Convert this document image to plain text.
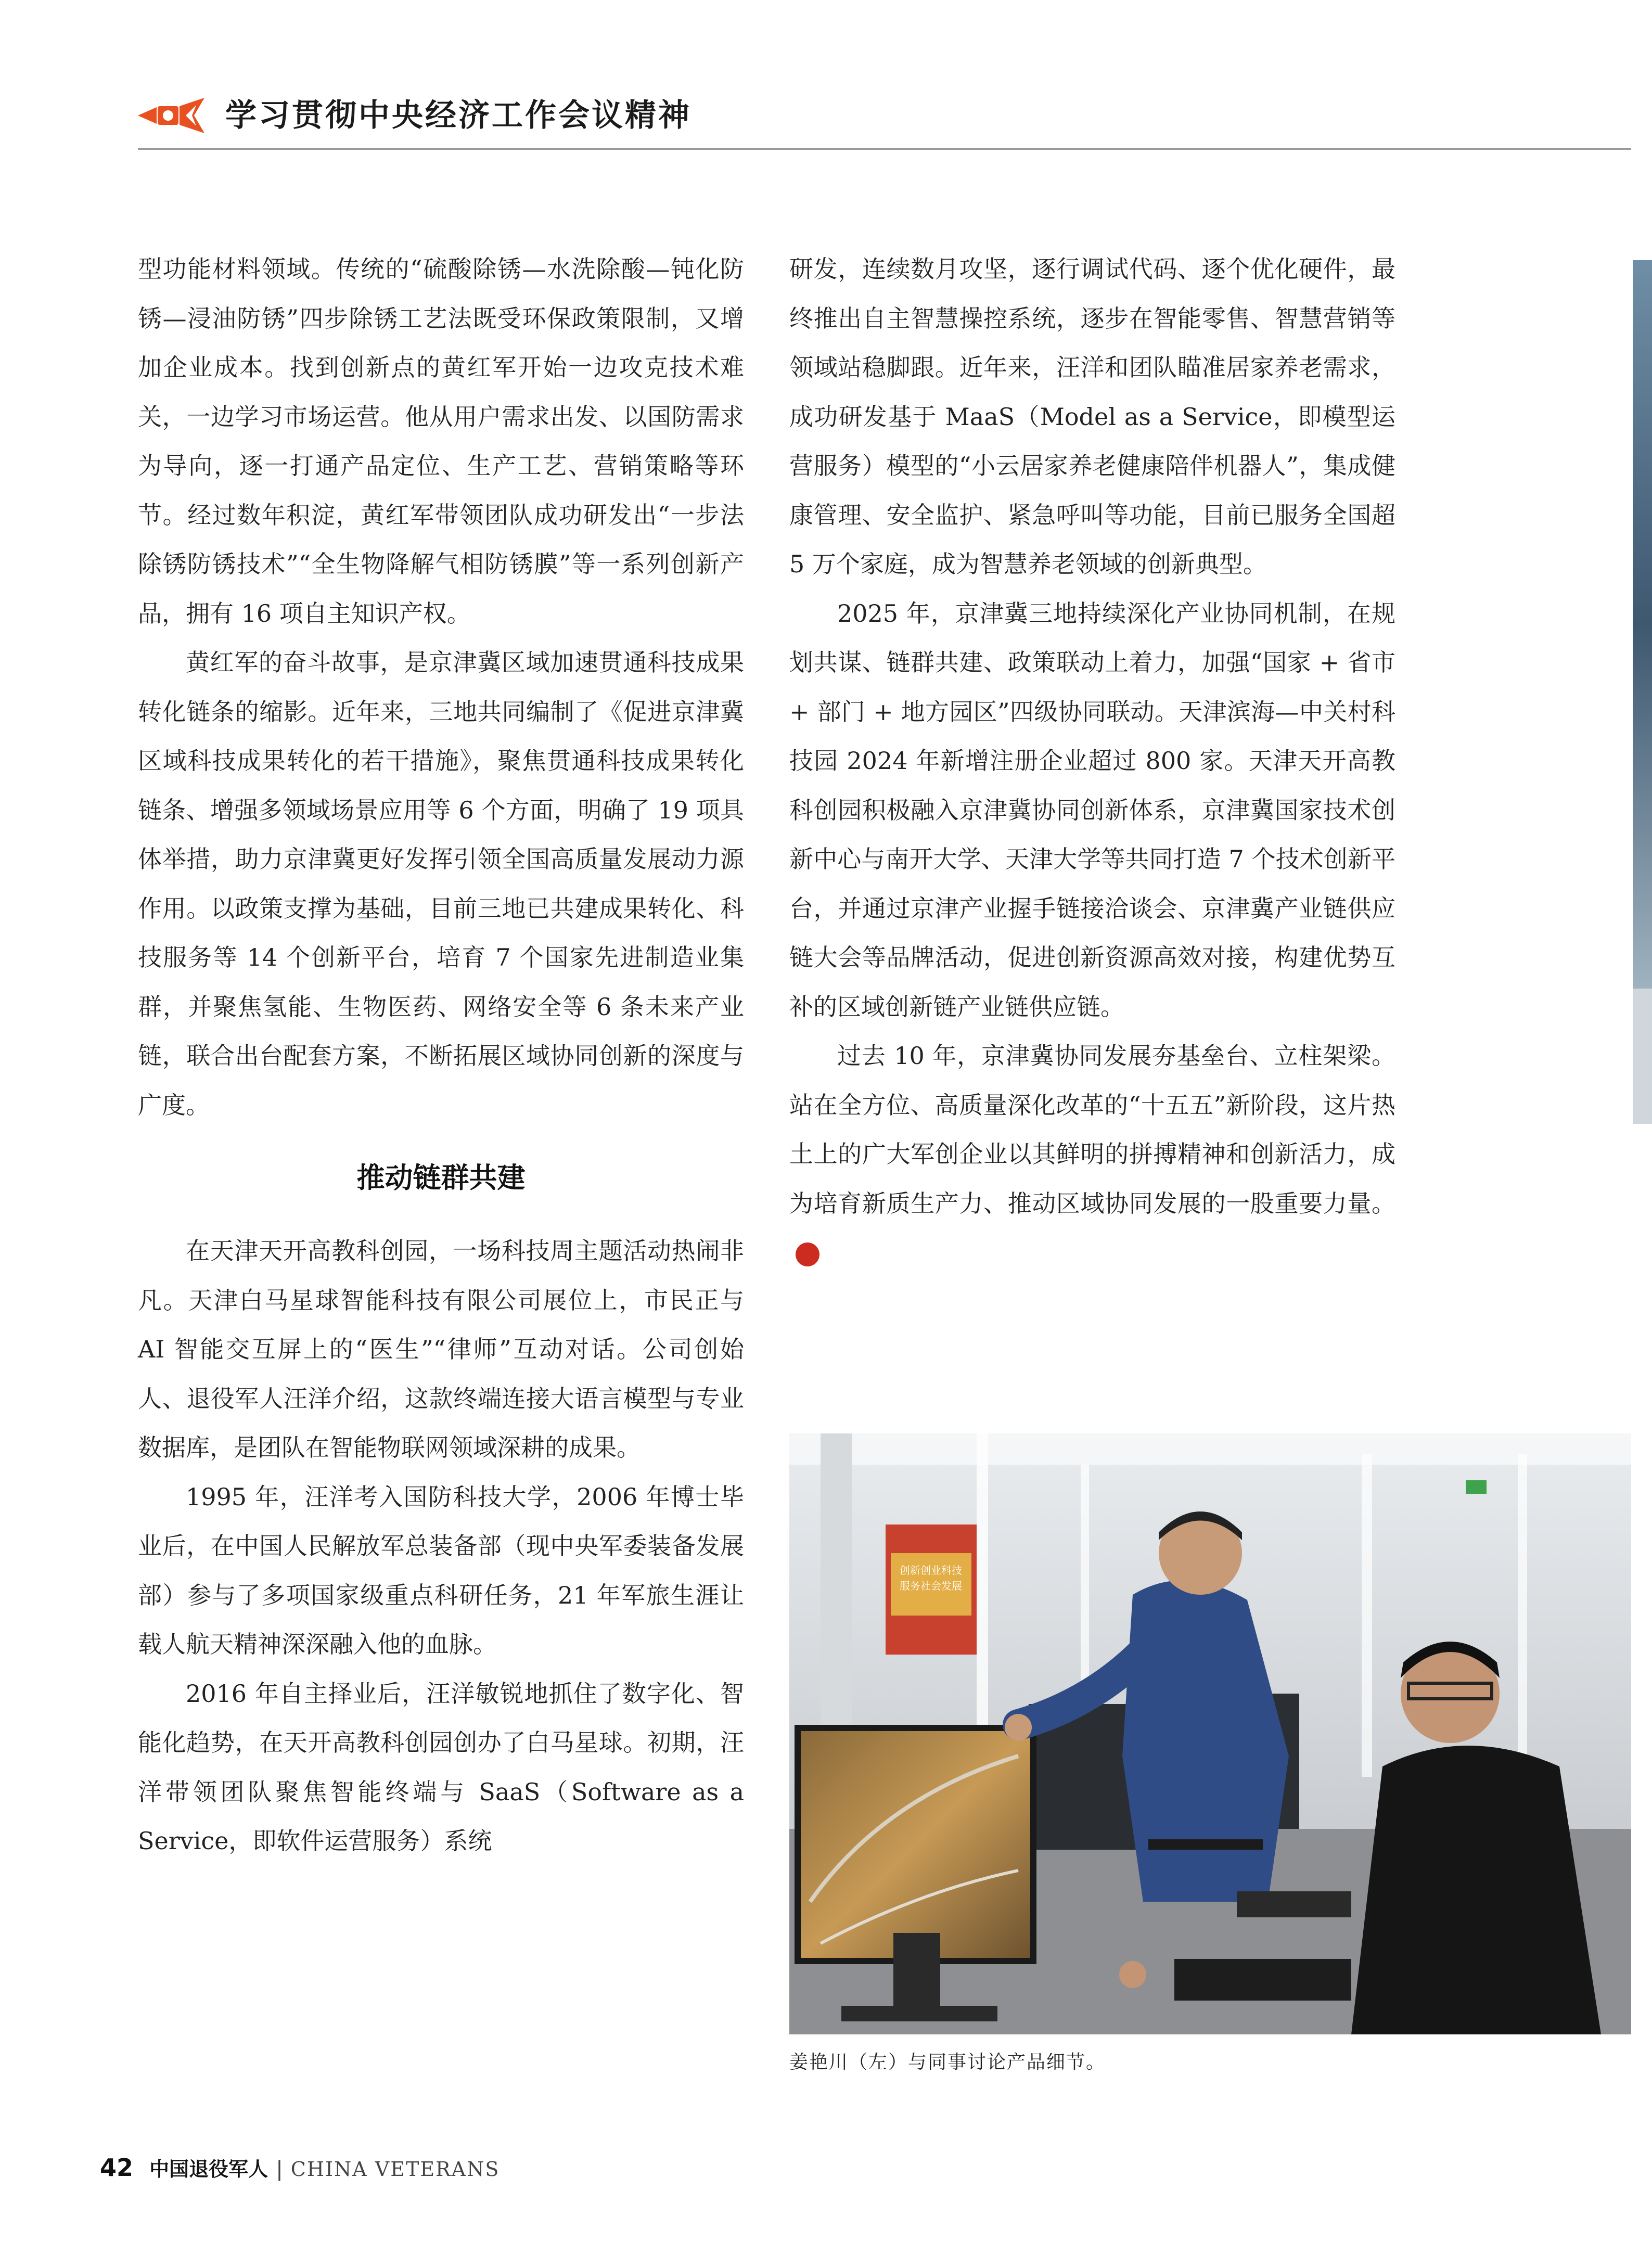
学习贯彻中央经济工作会议精神

型功能材料领域。传统的“硫酸除锈—水洗除酸—钝化防锈—浸油防锈”四步除锈工艺法既受环保政策限制，又增加企业成本。找到创新点的黄红军开始一边攻克技术难关，一边学习市场运营。他从用户需求出发、以国防需求为导向，逐一打通产品定位、生产工艺、营销策略等环节。经过数年积淀，黄红军带领团队成功研发出“一步法除锈防锈技术”“全生物降解气相防锈膜”等一系列创新产品，拥有 16 项自主知识产权。

黄红军的奋斗故事，是京津冀区域加速贯通科技成果转化链条的缩影。近年来，三地共同编制了《促进京津冀区域科技成果转化的若干措施》，聚焦贯通科技成果转化链条、增强多领域场景应用等 6 个方面，明确了 19 项具体举措，助力京津冀更好发挥引领全国高质量发展动力源作用。以政策支撑为基础，目前三地已共建成果转化、科技服务等 14 个创新平台，培育 7 个国家先进制造业集群，并聚焦氢能、生物医药、网络安全等 6 条未来产业链，联合出台配套方案，不断拓展区域协同创新的深度与广度。

推动链群共建

在天津天开高教科创园，一场科技周主题活动热闹非凡。天津白马星球智能科技有限公司展位上，市民正与 AI 智能交互屏上的“医生”“律师”互动对话。公司创始人、退役军人汪洋介绍，这款终端连接大语言模型与专业数据库，是团队在智能物联网领域深耕的成果。

1995 年，汪洋考入国防科技大学，2006 年博士毕业后，在中国人民解放军总装备部（现中央军委装备发展部）参与了多项国家级重点科研任务，21 年军旅生涯让载人航天精神深深融入他的血脉。

2016 年自主择业后，汪洋敏锐地抓住了数字化、智能化趋势，在天开高教科创园创办了白马星球。初期，汪洋带领团队聚焦智能终端与 SaaS（Software as a Service，即软件运营服务）系统

研发，连续数月攻坚，逐行调试代码、逐个优化硬件，最终推出自主智慧操控系统，逐步在智能零售、智慧营销等领域站稳脚跟。近年来，汪洋和团队瞄准居家养老需求，成功研发基于 MaaS（Model as a Service，即模型运营服务）模型的“小云居家养老健康陪伴机器人”，集成健康管理、安全监护、紧急呼叫等功能，目前已服务全国超 5 万个家庭，成为智慧养老领域的创新典型。

2025 年，京津冀三地持续深化产业协同机制，在规划共谋、链群共建、政策联动上着力，加强“国家 + 省市 + 部门 + 地方园区”四级协同联动。天津滨海—中关村科技园 2024 年新增注册企业超过 800 家。天津天开高教科创园积极融入京津冀协同创新体系，京津冀国家技术创新中心与南开大学、天津大学等共同打造 7 个技术创新平台，并通过京津产业握手链接洽谈会、京津冀产业链供应链大会等品牌活动，促进创新资源高效对接，构建优势互补的区域创新链产业链供应链。

过去 10 年，京津冀协同发展夯基垒台、立柱架梁。站在全方位、高质量深化改革的“十五五”新阶段，这片热土上的广大军创企业以其鲜明的拼搏精神和创新活力，成为培育新质生产力、推动区域协同发展的一股重要力量。V

创新创业科技
服务社会发展
姜艳川（左）与同事讨论产品细节。
42 中国退役军人 | CHINA VETERANS
